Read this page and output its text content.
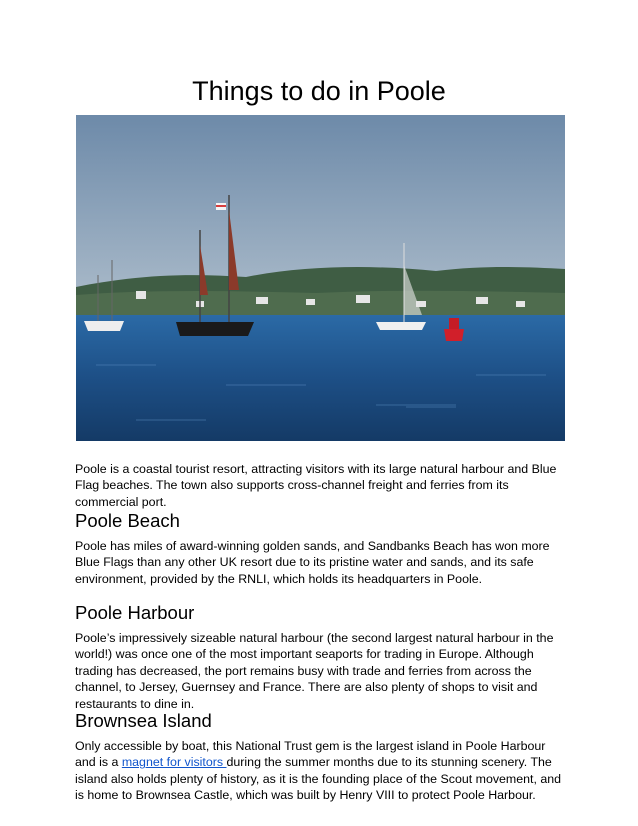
Things to do in Poole

Poole is a coastal tourist resort, attracting visitors with its large natural harbour and Blue Flag beaches. The town also supports cross-channel freight and ferries from its commercial port.

Poole Beach

Poole has miles of award-winning golden sands, and Sandbanks Beach has won more Blue Flags than any other UK resort due to its pristine water and sands, and its safe environment, provided by the RNLI, which holds its headquarters in Poole.

Poole Harbour

Poole’s impressively sizeable natural harbour (the second largest natural harbour in the world!) was once one of the most important seaports for trading in Europe. Although trading has decreased, the port remains busy with trade and ferries from across the channel, to Jersey, Guernsey and France. There are also plenty of shops to visit and restaurants to dine in.

Brownsea Island

Only accessible by boat, this National Trust gem is the largest island in Poole Harbour and is a magnet for visitors during the summer months due to its stunning scenery. The island also holds plenty of history, as it is the founding place of the Scout movement, and is home to Brownsea Castle, which was built by Henry VIII to protect Poole Harbour.
